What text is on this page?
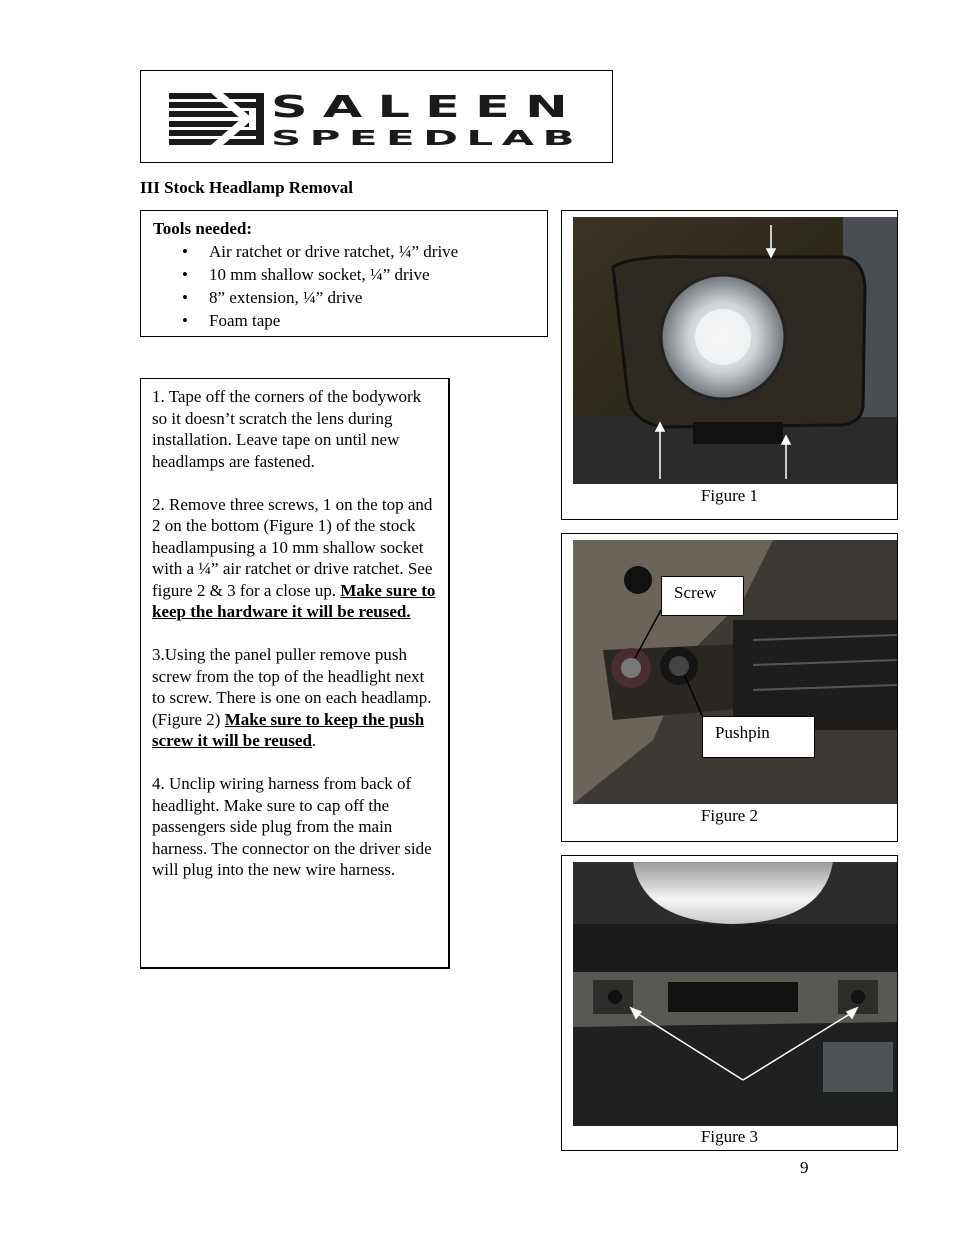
SALEEN
SPEEDLAB
III Stock Headlamp Removal
Tools needed:
• Air ratchet or drive ratchet, ¼” drive
• 10 mm shallow socket, ¼” drive
• 8” extension, ¼” drive
• Foam tape

1. Tape off the corners of the bodywork so it doesn’t scratch the lens during installation. Leave tape on until new headlamps are fastened.

2. Remove three screws, 1 on the top and 2 on the bottom (Figure 1) of the stock headlampusing a 10 mm shallow socket with a ¼” air ratchet or drive ratchet. See figure 2 & 3 for a close up. Make sure to keep the hardware it will be reused.

3.Using the panel puller remove push screw from the top of the headlight next to screw. There is one on each headlamp. (Figure 2) Make sure to keep the push screw it will be reused.

4. Unclip wiring harness from back of headlight. Make sure to cap off the passengers side plug from the main harness. The connector on the driver side will plug into the new wire harness.

Figure 1
Screw
Pushpin
Figure 2
Figure 3
9
